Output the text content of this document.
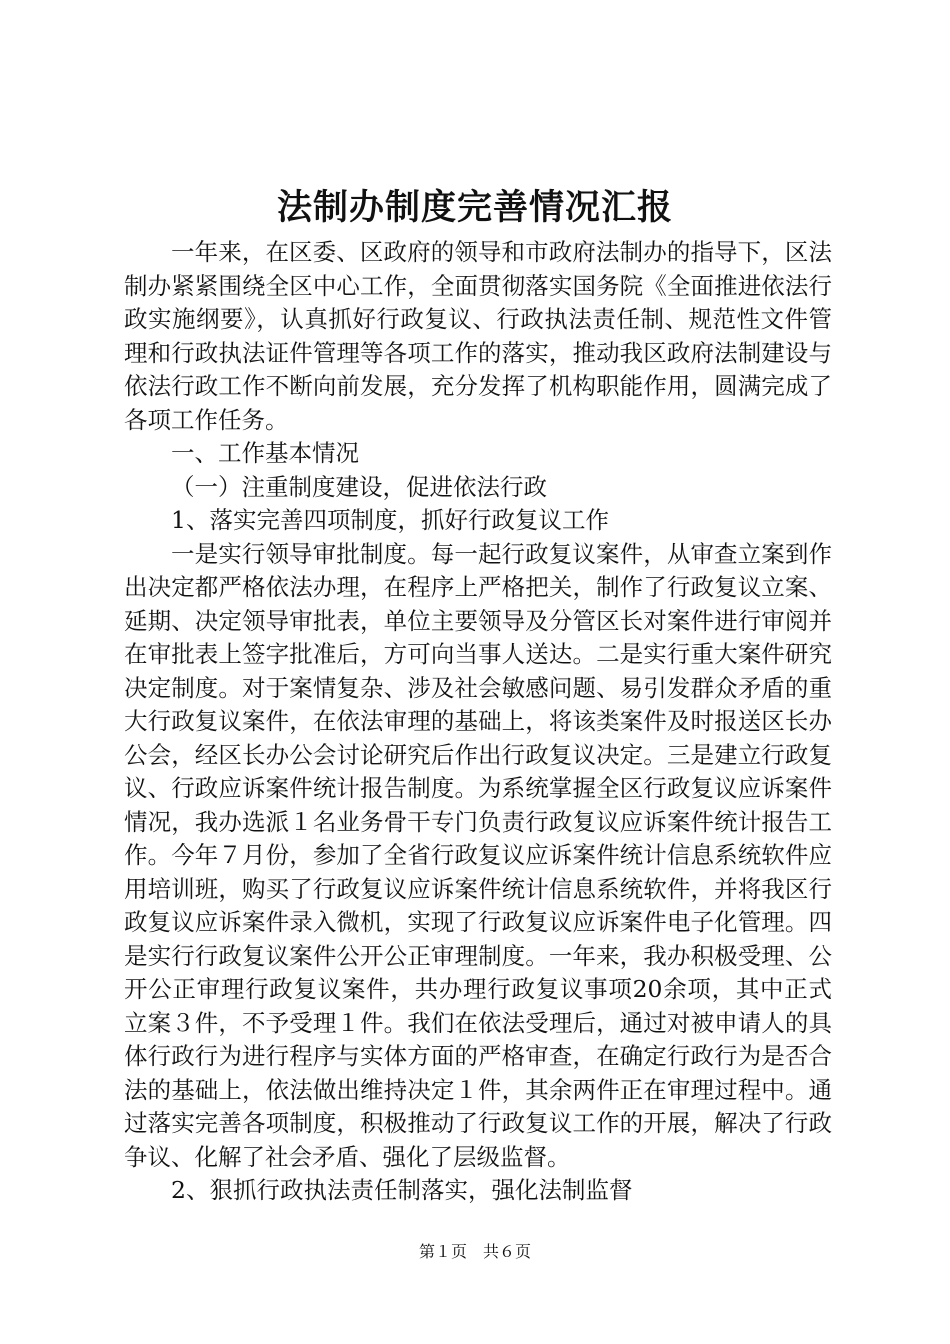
法制办制度完善情况汇报

一年来，在区委、区政府的领导和市政府法制办的指导下，区法制办紧紧围绕全区中心工作，全面贯彻落实国务院《全面推进依法行政实施纲要》，认真抓好行政复议、行政执法责任制、规范性文件管理和行政执法证件管理等各项工作的落实，推动我区政府法制建设与依法行政工作不断向前发展，充分发挥了机构职能作用，圆满完成了各项工作任务。

一、工作基本情况

（一）注重制度建设，促进依法行政

1、落实完善四项制度，抓好行政复议工作

一是实行领导审批制度。每一起行政复议案件，从审查立案到作出决定都严格依法办理，在程序上严格把关，制作了行政复议立案、延期、决定领导审批表，单位主要领导及分管区长对案件进行审阅并在审批表上签字批准后，方可向当事人送达。二是实行重大案件研究决定制度。对于案情复杂、涉及社会敏感问题、易引发群众矛盾的重大行政复议案件，在依法审理的基础上，将该类案件及时报送区长办公会，经区长办公会讨论研究后作出行政复议决定。三是建立行政复议、行政应诉案件统计报告制度。为系统掌握全区行政复议应诉案件情况，我办选派１名业务骨干专门负责行政复议应诉案件统计报告工作。今年７月份，参加了全省行政复议应诉案件统计信息系统软件应用培训班，购买了行政复议应诉案件统计信息系统软件，并将我区行政复议应诉案件录入微机，实现了行政复议应诉案件电子化管理。四是实行行政复议案件公开公正审理制度。一年来，我办积极受理、公开公正审理行政复议案件，共办理行政复议事项20余项，其中正式立案３件，不予受理１件。我们在依法受理后，通过对被申请人的具体行政行为进行程序与实体方面的严格审查，在确定行政行为是否合法的基础上，依法做出维持决定１件，其余两件正在审理过程中。通过落实完善各项制度，积极推动了行政复议工作的开展，解决了行政争议、化解了社会矛盾、强化了层级监督。

2、狠抓行政执法责任制落实，强化法制监督

第１页　共６页
